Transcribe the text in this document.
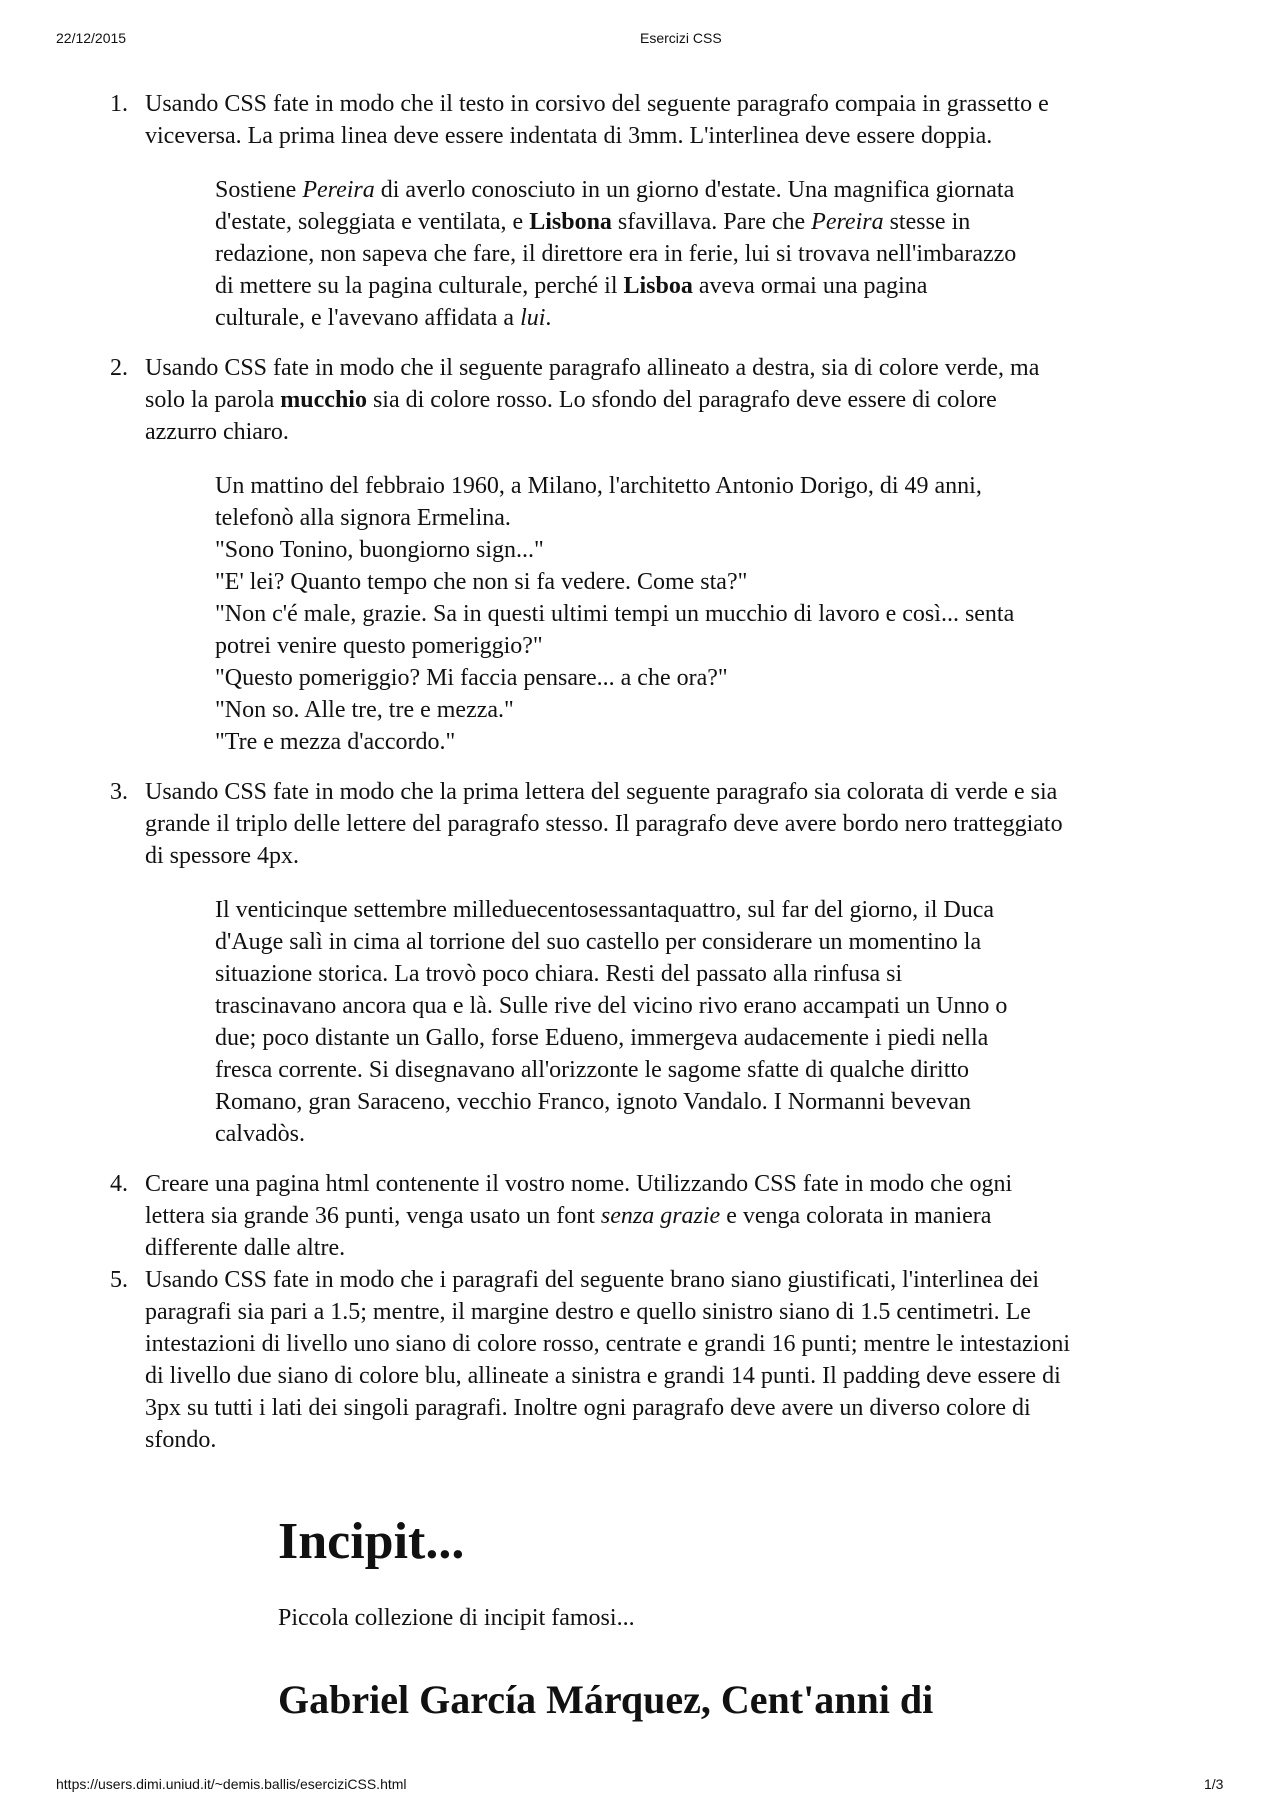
22/12/2015	Esercizi CSS
1. Usando CSS fate in modo che il testo in corsivo del seguente paragrafo compaia in grassetto e
viceversa. La prima linea deve essere indentata di 3mm. L'interlinea deve essere doppia.

Sostiene Pereira di averlo conosciuto in un giorno d'estate. Una magnifica giornata
d'estate, soleggiata e ventilata, e Lisbona sfavillava. Pare che Pereira stesse in
redazione, non sapeva che fare, il direttore era in ferie, lui si trovava nell'imbarazzo
di mettere su la pagina culturale, perché il Lisboa aveva ormai una pagina
culturale, e l'avevano affidata a lui.

2. Usando CSS fate in modo che il seguente paragrafo allineato a destra, sia di colore verde, ma
solo la parola mucchio sia di colore rosso. Lo sfondo del paragrafo deve essere di colore
azzurro chiaro.

Un mattino del febbraio 1960, a Milano, l'architetto Antonio Dorigo, di 49 anni,
telefonò alla signora Ermelina.
"Sono Tonino, buongiorno sign..."
"E' lei? Quanto tempo che non si fa vedere. Come sta?"
"Non c'é male, grazie. Sa in questi ultimi tempi un mucchio di lavoro e così... senta
potrei venire questo pomeriggio?"
"Questo pomeriggio? Mi faccia pensare... a che ora?"
"Non so. Alle tre, tre e mezza."
"Tre e mezza d'accordo."

3. Usando CSS fate in modo che la prima lettera del seguente paragrafo sia colorata di verde e sia
grande il triplo delle lettere del paragrafo stesso. Il paragrafo deve avere bordo nero tratteggiato
di spessore 4px.

Il venticinque settembre milleduecentosessantaquattro, sul far del giorno, il Duca
d'Auge salì in cima al torrione del suo castello per considerare un momentino la
situazione storica. La trovò poco chiara. Resti del passato alla rinfusa si
trascinavano ancora qua e là. Sulle rive del vicino rivo erano accampati un Unno o
due; poco distante un Gallo, forse Edueno, immergeva audacemente i piedi nella
fresca corrente. Si disegnavano all'orizzonte le sagome sfatte di qualche diritto
Romano, gran Saraceno, vecchio Franco, ignoto Vandalo. I Normanni bevevan
calvadòs.

4. Creare una pagina html contenente il vostro nome. Utilizzando CSS fate in modo che ogni
lettera sia grande 36 punti, venga usato un font senza grazie e venga colorata in maniera
differente dalle altre.

5. Usando CSS fate in modo che i paragrafi del seguente brano siano giustificati, l'interlinea dei
paragrafi sia pari a 1.5; mentre, il margine destro e quello sinistro siano di 1.5 centimetri. Le
intestazioni di livello uno siano di colore rosso, centrate e grandi 16 punti; mentre le intestazioni
di livello due siano di colore blu, allineate a sinistra e grandi 14 punti. Il padding deve essere di
3px su tutti i lati dei singoli paragrafi. Inoltre ogni paragrafo deve avere un diverso colore di
sfondo.

Incipit...

Piccola collezione di incipit famosi...

Gabriel García Márquez, Cent'anni di
https://users.dimi.uniud.it/~demis.ballis/eserciziCSS.html	1/3
